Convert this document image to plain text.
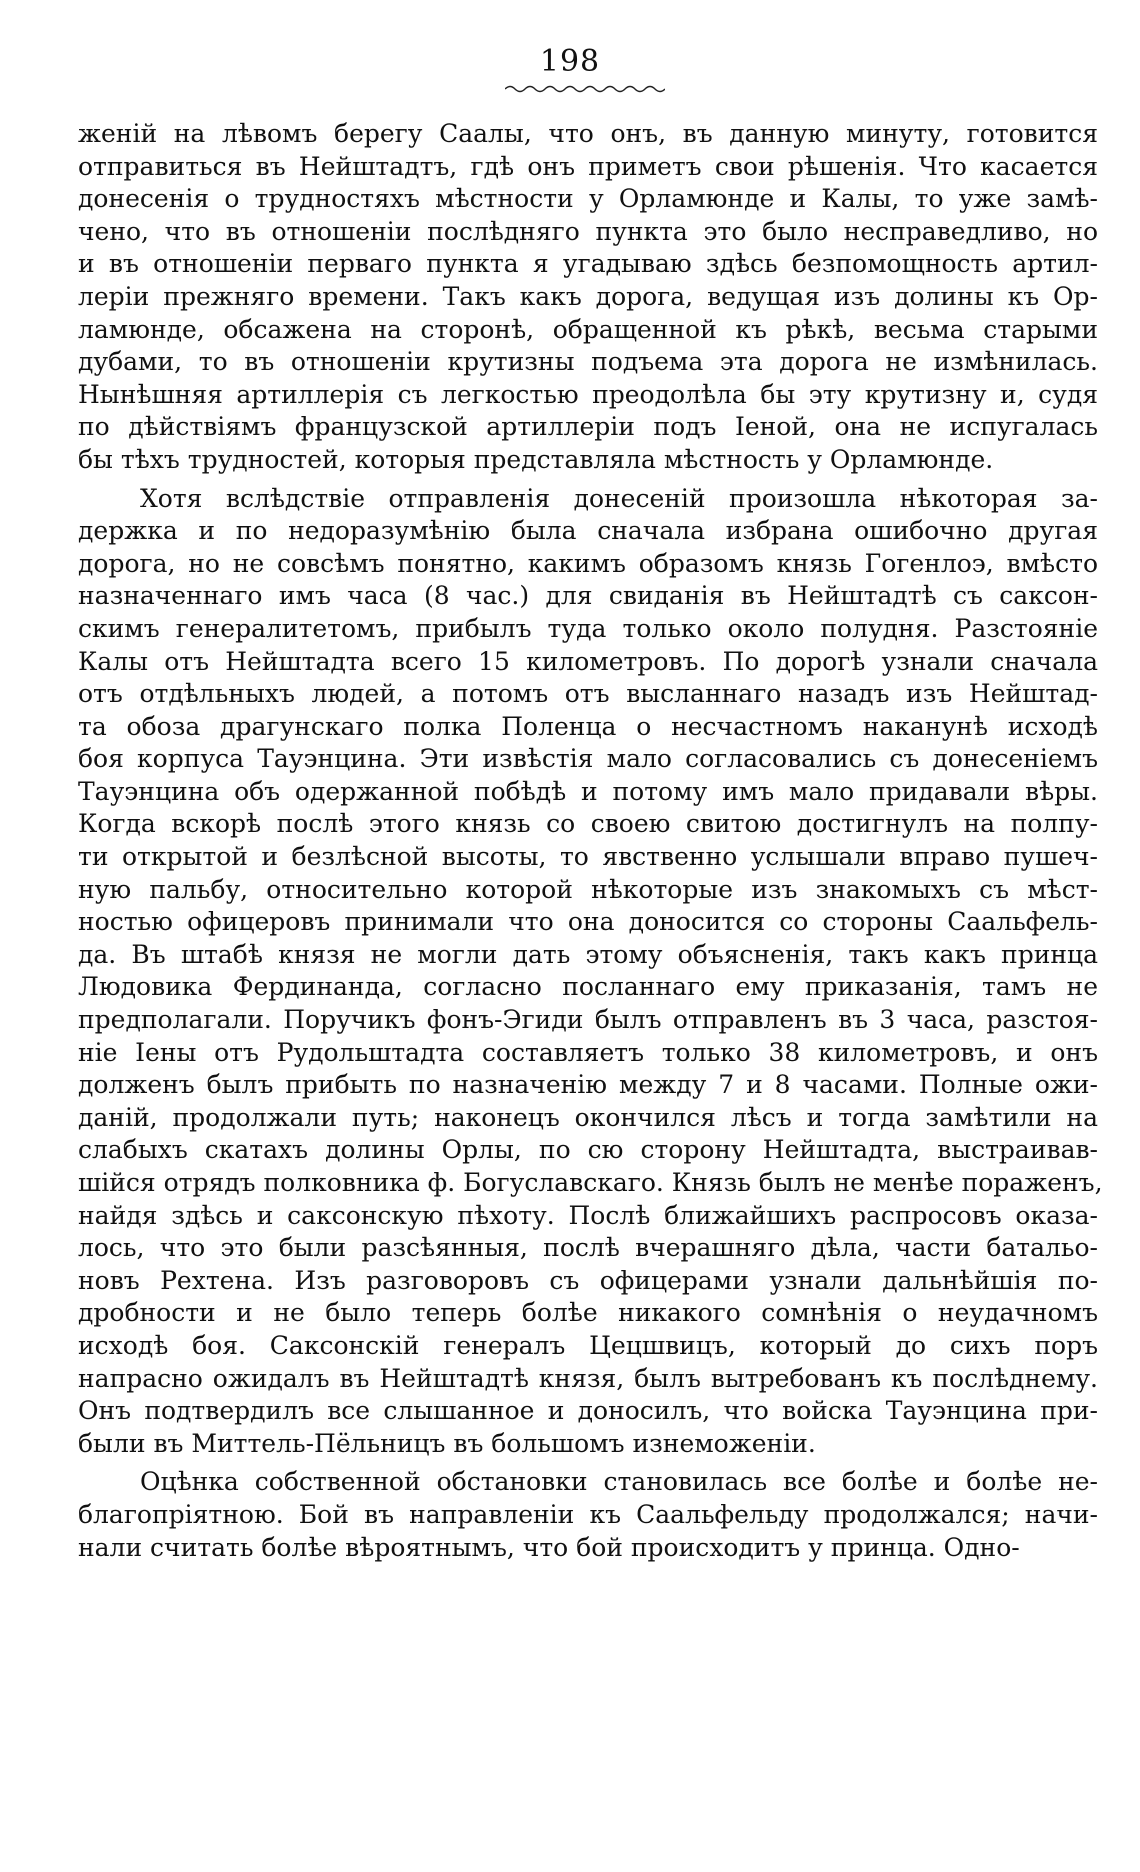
198
женій на лѣвомъ берегу Саалы, что онъ, въ данную минуту, готовится
отправиться въ Нейштадтъ, гдѣ онъ приметъ свои рѣшенія. Что касается
донесенія о трудностяхъ мѣстности у Орламюнде и Калы, то уже замѣ-
чено, что въ отношеніи послѣдняго пункта это было несправедливо, но
и въ отношеніи перваго пункта я угадываю здѣсь безпомощность артил-
леріи прежняго времени. Такъ какъ дорога, ведущая изъ долины къ Ор-
ламюнде, обсажена на сторонѣ, обращенной къ рѣкѣ, весьма старыми
дубами, то въ отношеніи крутизны подъема эта дорога не измѣнилась.
Нынѣшняя артиллерія съ легкостью преодолѣла бы эту крутизну и, судя
по дѣйствіямъ французской артиллеріи подъ Іеной, она не испугалась
бы тѣхъ трудностей, которыя представляла мѣстность у Орламюнде.
Хотя вслѣдствіе отправленія донесеній произошла нѣкоторая за-
держка и по недоразумѣнію была сначала избрана ошибочно другая
дорога, но не совсѣмъ понятно, какимъ образомъ князь Гогенлоэ, вмѣсто
назначеннаго имъ часа (8 час.) для свиданія въ Нейштадтѣ съ саксон-
скимъ генералитетомъ, прибылъ туда только около полудня. Разстояніе
Калы отъ Нейштадта всего 15 километровъ. По дорогѣ узнали сначала
отъ отдѣльныхъ людей, а потомъ отъ высланнаго назадъ изъ Нейштад-
та обоза драгунскаго полка Поленца о несчастномъ наканунѣ исходѣ
боя корпуса Тауэнцина. Эти извѣстія мало согласовались съ донесеніемъ
Тауэнцина объ одержанной побѣдѣ и потому имъ мало придавали вѣры.
Когда вскорѣ послѣ этого князь со своею свитою достигнулъ на полпу-
ти открытой и безлѣсной высоты, то явственно услышали вправо пушеч-
ную пальбу, относительно которой нѣкоторые изъ знакомыхъ съ мѣст-
ностью офицеровъ принимали что она доносится со стороны Саальфель-
да. Въ штабѣ князя не могли дать этому объясненія, такъ какъ принца
Людовика Фердинанда, согласно посланнаго ему приказанія, тамъ не
предполагали. Поручикъ фонъ-Эгиди былъ отправленъ въ 3 часа, разстоя-
ніе Іены отъ Рудольштадта составляетъ только 38 километровъ, и онъ
долженъ былъ прибыть по назначенію между 7 и 8 часами. Полные ожи-
даній, продолжали путь; наконецъ окончился лѣсъ и тогда замѣтили на
слабыхъ скатахъ долины Орлы, по сю сторону Нейштадта, выстраивав-
шійся отрядъ полковника ф. Богуславскаго. Князь былъ не менѣе пораженъ,
найдя здѣсь и саксонскую пѣхоту. Послѣ ближайшихъ распросовъ оказа-
лось, что это были разсѣянныя, послѣ вчерашняго дѣла, части батальо-
новъ Рехтена. Изъ разговоровъ съ офицерами узнали дальнѣйшія по-
дробности и не было теперь болѣе никакого сомнѣнія о неудачномъ
исходѣ боя. Саксонскій генералъ Цецшвицъ, который до сихъ поръ
напрасно ожидалъ въ Нейштадтѣ князя, былъ вытребованъ къ послѣднему.
Онъ подтвердилъ все слышанное и доносилъ, что войска Тауэнцина при-
были въ Миттель-Пёльницъ въ большомъ изнеможеніи.
Оцѣнка собственной обстановки становилась все болѣе и болѣе не-
благопріятною. Бой въ направленіи къ Саальфельду продолжался; начи-
нали считать болѣе вѣроятнымъ, что бой происходитъ у принца. Одно-
